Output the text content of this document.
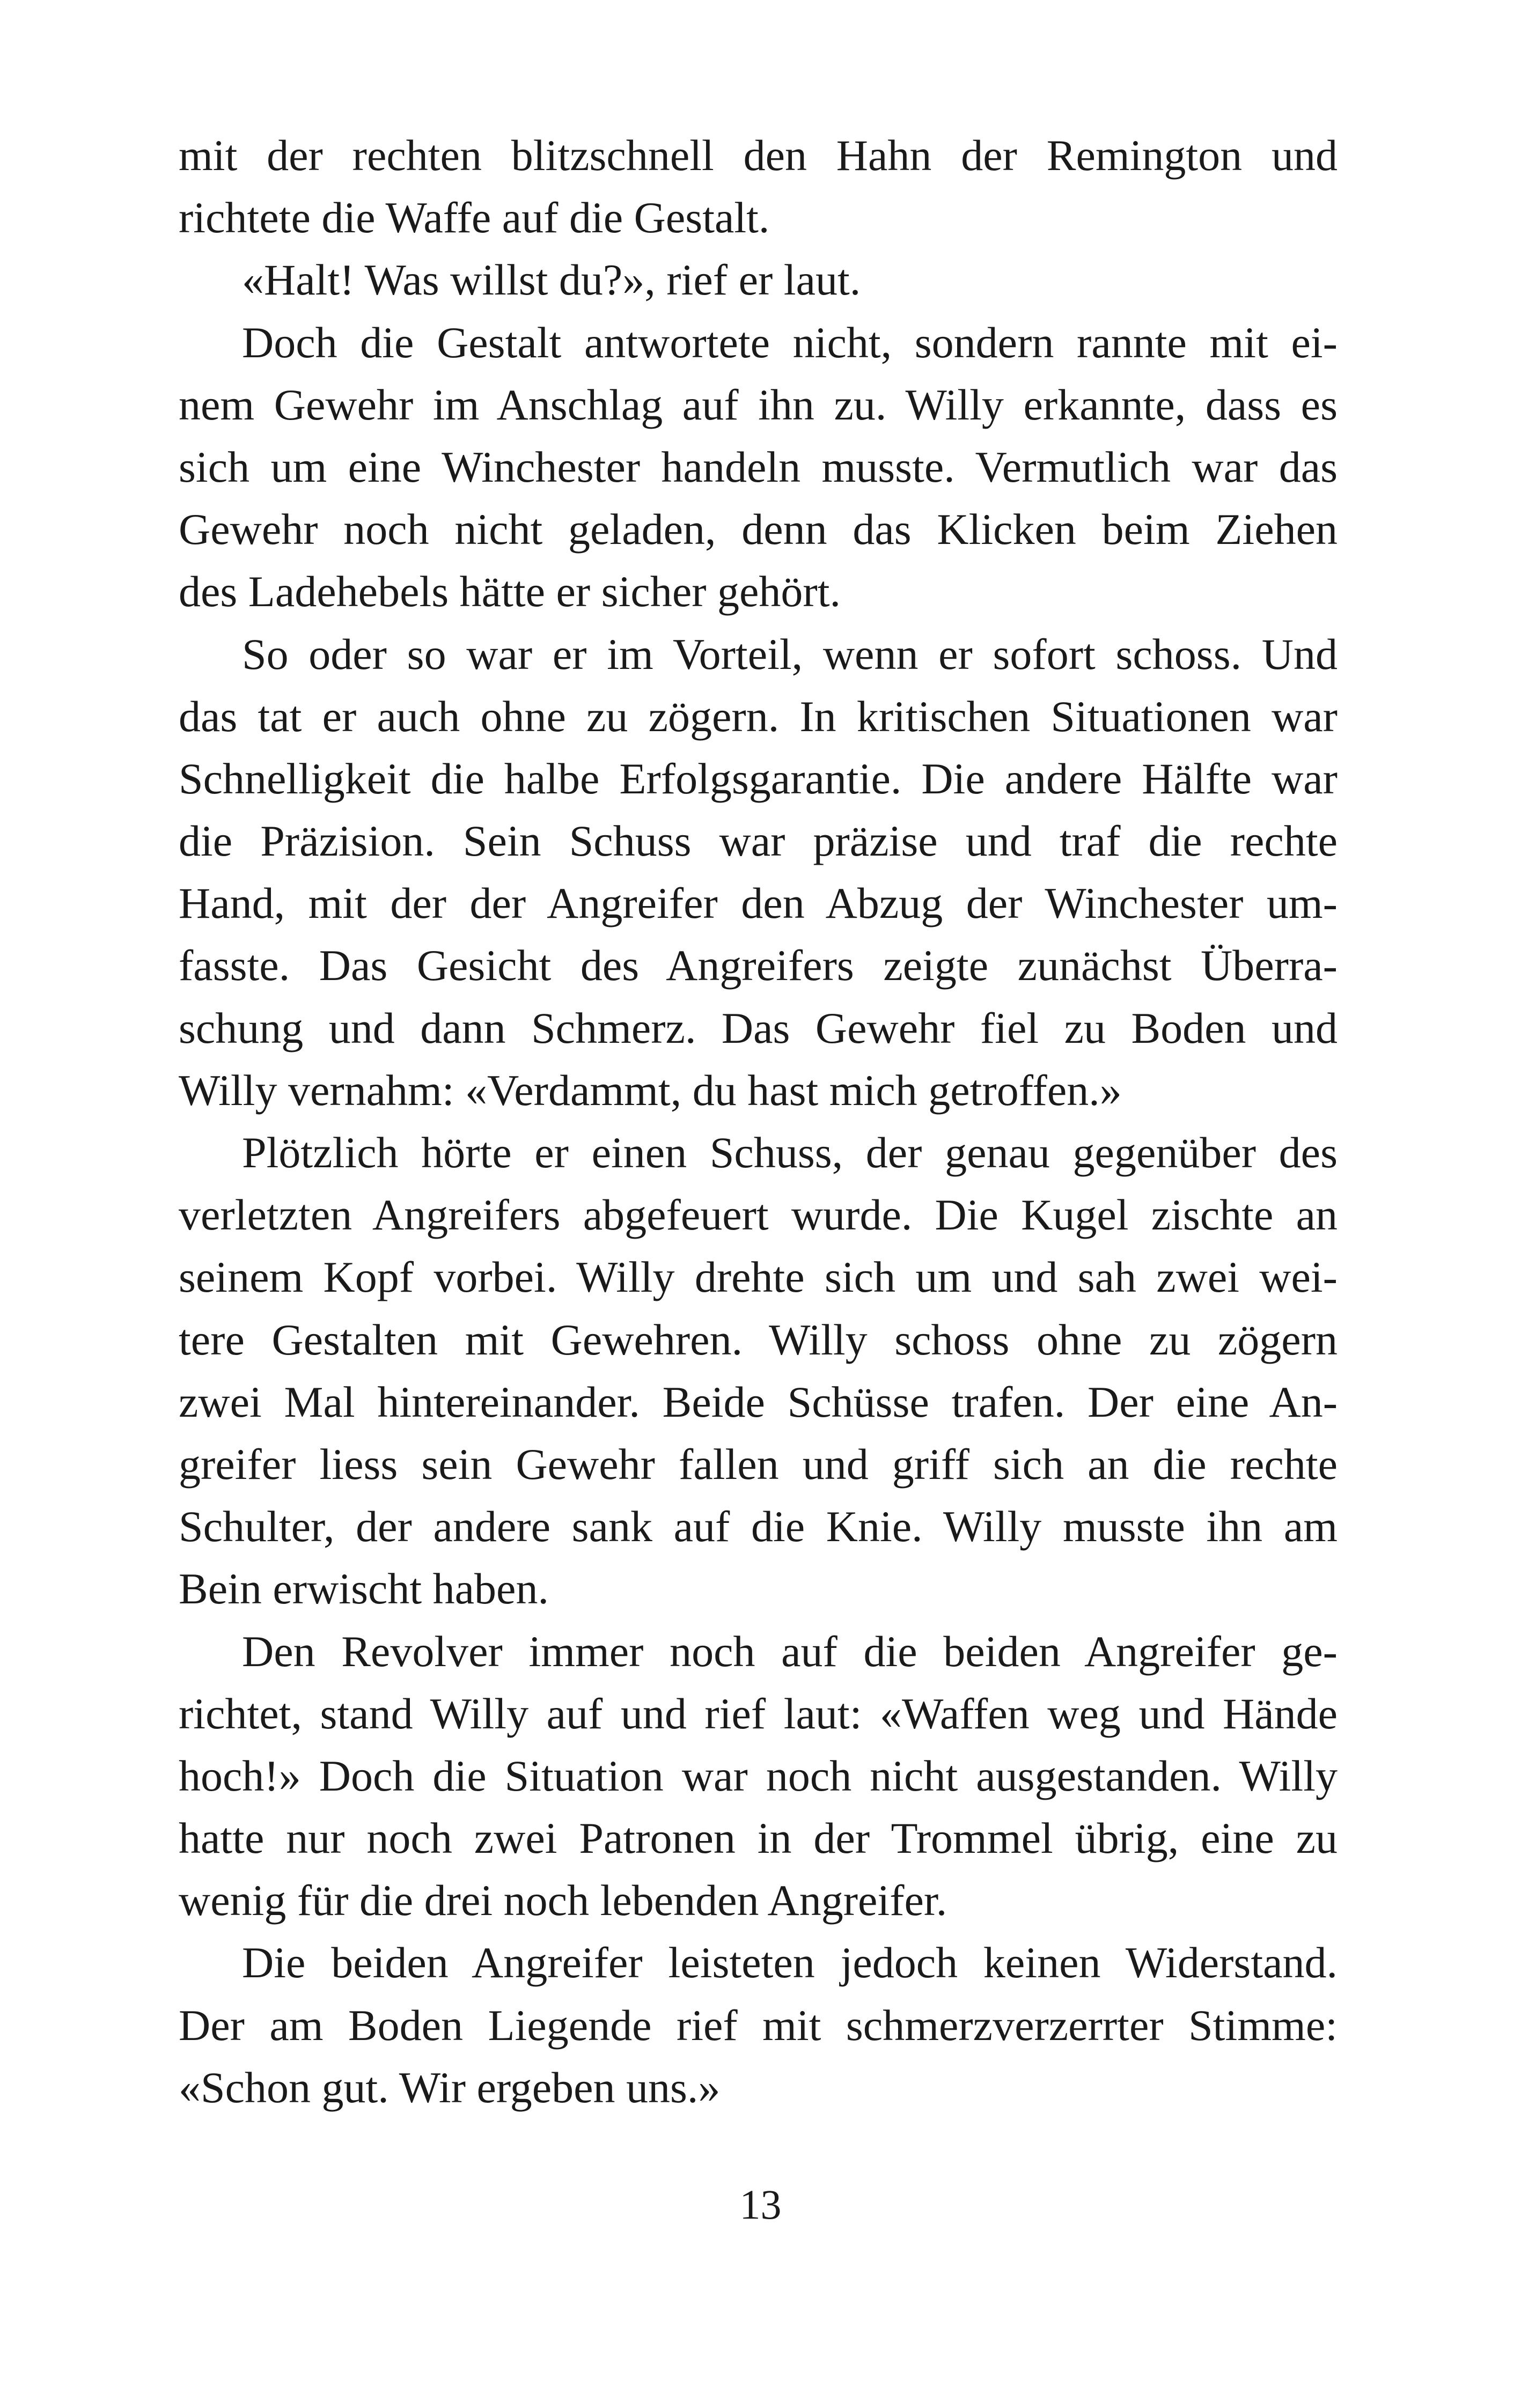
mit der rechten blitzschnell den Hahn der Remington und
richtete die Waffe auf die Gestalt.
«Halt! Was willst du?», rief er laut.
Doch die Gestalt antwortete nicht, sondern rannte mit ei-
nem Gewehr im Anschlag auf ihn zu. Willy erkannte, dass es
sich um eine Winchester handeln musste. Vermutlich war das
Gewehr noch nicht geladen, denn das Klicken beim Ziehen
des Ladehebels hätte er sicher gehört.
So oder so war er im Vorteil, wenn er sofort schoss. Und
das tat er auch ohne zu zögern. In kritischen Situationen war
Schnelligkeit die halbe Erfolgsgarantie. Die andere Hälfte war
die Präzision. Sein Schuss war präzise und traf die rechte
Hand, mit der der Angreifer den Abzug der Winchester um-
fasste. Das Gesicht des Angreifers zeigte zunächst Überra-
schung und dann Schmerz. Das Gewehr fiel zu Boden und
Willy vernahm: «Verdammt, du hast mich getroffen.»
Plötzlich hörte er einen Schuss, der genau gegenüber des
verletzten Angreifers abgefeuert wurde. Die Kugel zischte an
seinem Kopf vorbei. Willy drehte sich um und sah zwei wei-
tere Gestalten mit Gewehren. Willy schoss ohne zu zögern
zwei Mal hintereinander. Beide Schüsse trafen. Der eine An-
greifer liess sein Gewehr fallen und griff sich an die rechte
Schulter, der andere sank auf die Knie. Willy musste ihn am
Bein erwischt haben.
Den Revolver immer noch auf die beiden Angreifer ge-
richtet, stand Willy auf und rief laut: «Waffen weg und Hände
hoch!» Doch die Situation war noch nicht ausgestanden. Willy
hatte nur noch zwei Patronen in der Trommel übrig, eine zu
wenig für die drei noch lebenden Angreifer.
Die beiden Angreifer leisteten jedoch keinen Widerstand.
Der am Boden Liegende rief mit schmerzverzerrter Stimme:
«Schon gut. Wir ergeben uns.»
13
